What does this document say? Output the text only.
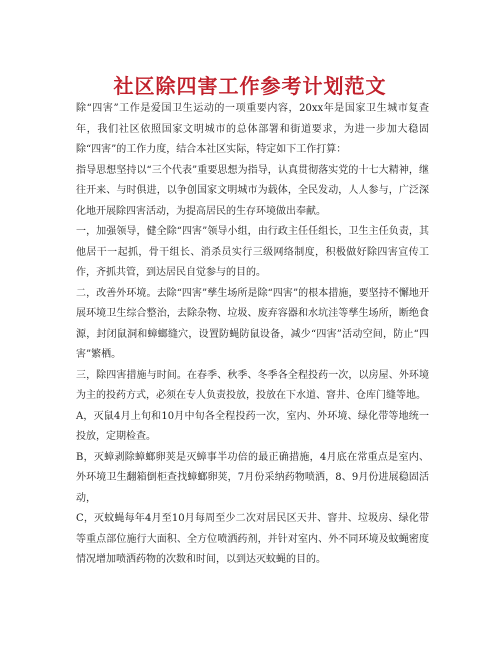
社区除四害工作参考计划范文

除“四害”工作是爱国卫生运动的一项重要内容，20xx年是国家卫生城市复查年，我们社区依照国家文明城市的总体部署和街道要求，为进一步加大稳固除“四害”的工作力度，结合本社区实际，特定如下工作打算：

指导思想坚持以“三个代表”重要思想为指导，认真贯彻落实党的十七大精神，继往开来、与时俱进，以争创国家文明城市为载体，全民发动，人人参与，广泛深化地开展除四害活动，为提高居民的生存环境做出奉献。

一，加强领导，健全除“四害”领导小组，由行政主任任组长，卫生主任负责，其他居干一起抓，骨干组长、消杀员实行三级网络制度，积极做好除四害宣传工作，齐抓共管，到达居民自觉参与的目的。

二，改善外环境。去除“四害”孳生场所是除“四害”的根本措施，要坚持不懈地开展环境卫生综合整治，去除杂物、垃圾、废弃容器和水坑洼等孳生场所，断绝食源，封闭鼠洞和蟑螂缝穴，设置防蝇防鼠设备，减少“四害”活动空间，防止“四害”繁栖。

三，除四害措施与时间。在春季、秋季、冬季各全程投药一次，以房屋、外环境为主的投药方式，必须在专人负责投放，投放在下水道、窨井、仓库门缝等地。

A，灭鼠4月上旬和10月中旬各全程投药一次，室内、外环境、绿化带等地统一投放，定期检查。

B，灭蟑剥除蟑螂卵荚是灭蟑事半功倍的最正确措施，4月底在常重点是室内、外环境卫生翻箱倒柜查找蟑螂卵荚，7月份采纳药物喷洒，8、9月份进展稳固活动，

C，灭蚊蝇每年4月至10月每周至少二次对居民区天井、窨井、垃圾房、绿化带等重点部位施行大面积、全方位喷洒药剂，并针对室内、外不同环境及蚊蝇密度情况增加喷洒药物的次数和时间，以到达灭蚊蝇的目的。
